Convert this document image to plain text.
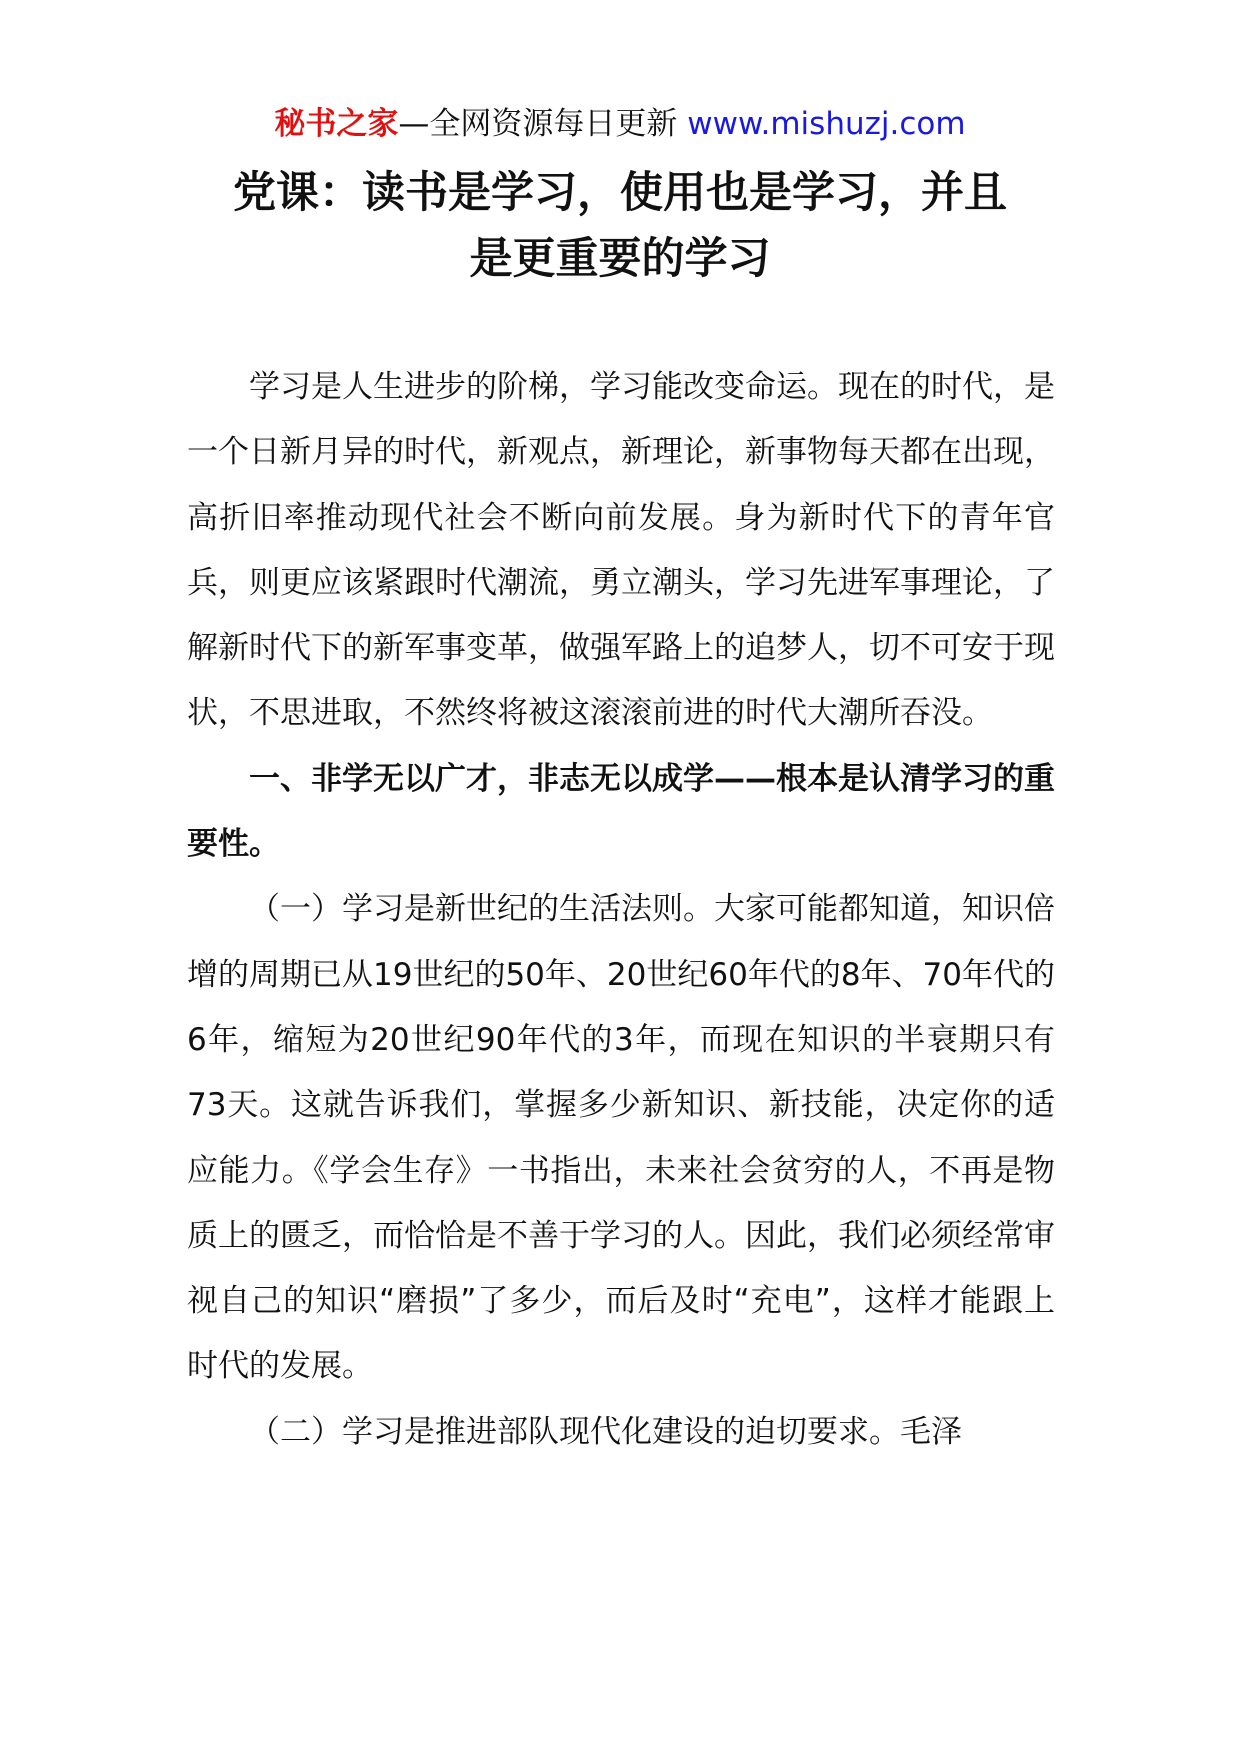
秘书之家—全网资源每日更新 www.mishuzj.com
党课：读书是学习，使用也是学习，并且
是更重要的学习

学习是人生进步的阶梯，学习能改变命运。现在的时代，是一个日新月异的时代，新观点，新理论，新事物每天都在出现，高折旧率推动现代社会不断向前发展。身为新时代下的青年官兵，则更应该紧跟时代潮流，勇立潮头，学习先进军事理论，了解新时代下的新军事变革，做强军路上的追梦人，切不可安于现状，不思进取，不然终将被这滚滚前进的时代大潮所吞没。

一、非学无以广才，非志无以成学——根本是认清学习的重要性。

（一）学习是新世纪的生活法则。大家可能都知道，知识倍增的周期已从19世纪的50年、20世纪60年代的8年、70年代的6年，缩短为20世纪90年代的3年，而现在知识的半衰期只有73天。这就告诉我们，掌握多少新知识、新技能，决定你的适应能力。《学会生存》一书指出，未来社会贫穷的人，不再是物质上的匮乏，而恰恰是不善于学习的人。因此，我们必须经常审视自己的知识“磨损”了多少，而后及时“充电”，这样才能跟上时代的发展。

（二）学习是推进部队现代化建设的迫切要求。毛泽
